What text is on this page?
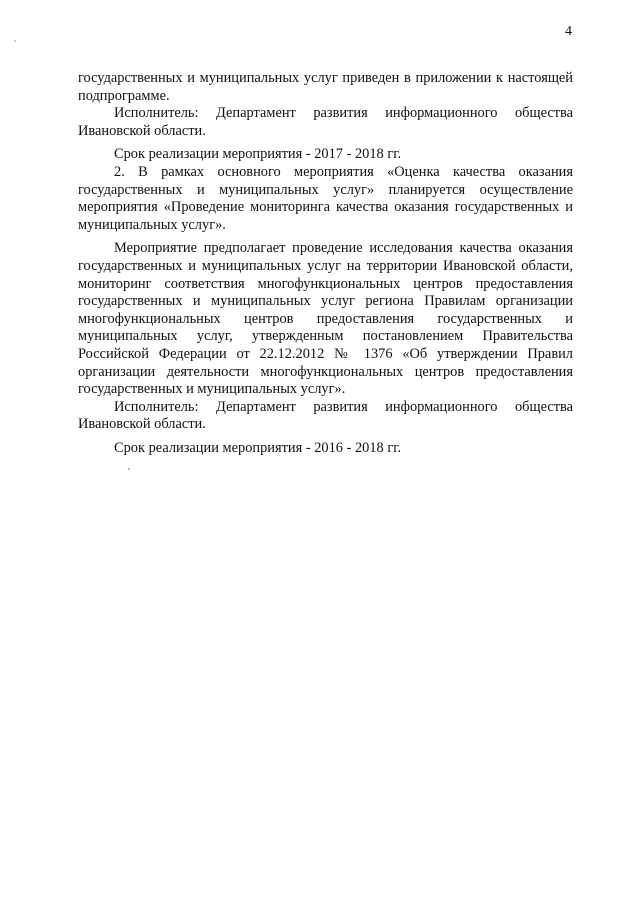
4

государственных и муниципальных услуг приведен в приложении к настоящей подпрограмме.

Исполнитель: Департамент развития информационного общества Ивановской области.

Срок реализации мероприятия - 2017 - 2018 гг.

2. В рамках основного мероприятия «Оценка качества оказания государственных и муниципальных услуг» планируется осуществление мероприятия «Проведение мониторинга качества оказания государственных и муниципальных услуг».

Мероприятие предполагает проведение исследования качества оказания государственных и муниципальных услуг на территории Ивановской области, мониторинг соответствия многофункциональных центров предоставления государственных и муниципальных услуг региона Правилам организации многофункциональных центров предоставления государственных и муниципальных услуг, утвержденным постановлением Правительства Российской Федерации от 22.12.2012 № 1376 «Об утверждении Правил организации деятельности многофункциональных центров предоставления государственных и муниципальных услуг».

Исполнитель: Департамент развития информационного общества Ивановской области.

Срок реализации мероприятия - 2016 - 2018 гг.
